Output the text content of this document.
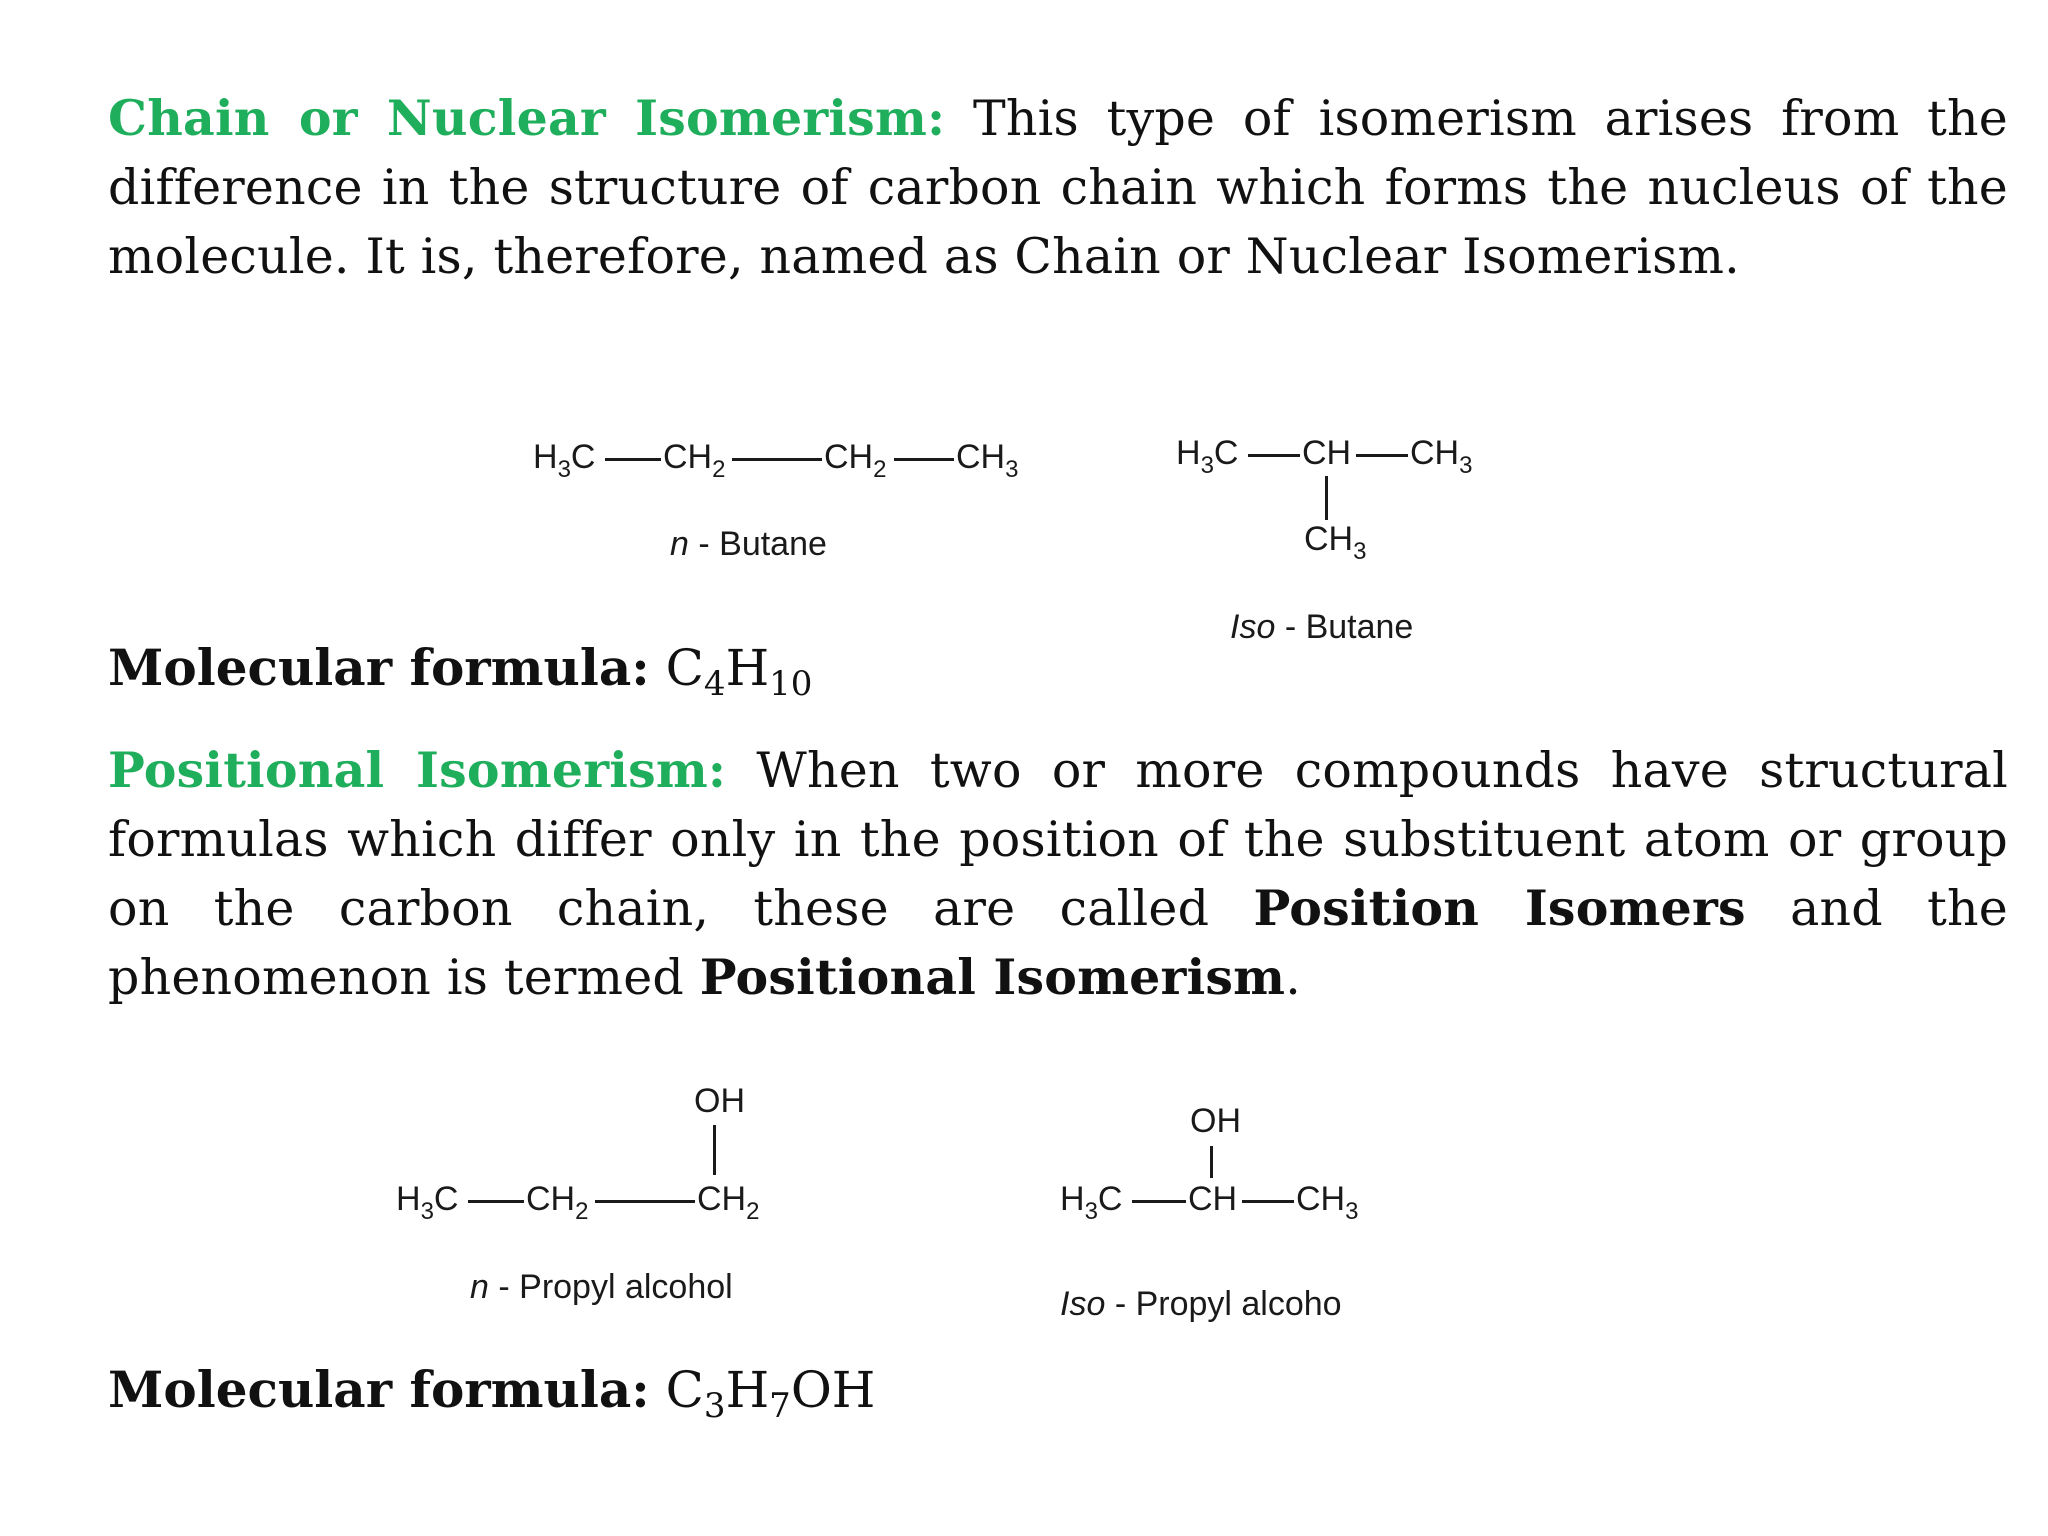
Chain or Nuclear Isomerism: This type of isomerism arises from the difference in the structure of carbon chain which forms the nucleus of the molecule. It is, therefore, named as Chain or Nuclear Isomerism.
$H_3C$ $CH_2$	$CH_2$ $CH_3$
n - Butane
$H_3C$ CH $CH_3$
$CH_3$
Iso - Butane
Molecular formula: $C_4H_{10}$
Positional Isomerism: When two or more compounds have structural formulas which differ only in the position of the substituent atom or group on the carbon chain, these are called Position Isomers and the phenomenon is termed Positional Isomerism.
OH
$H_3C$ $CH_2$	$CH_2$
n - Propyl alcohol
OH
$H_3C$ CH $CH_3$
Iso - Propyl alcoho
Molecular formula: $C_3H_7OH$
